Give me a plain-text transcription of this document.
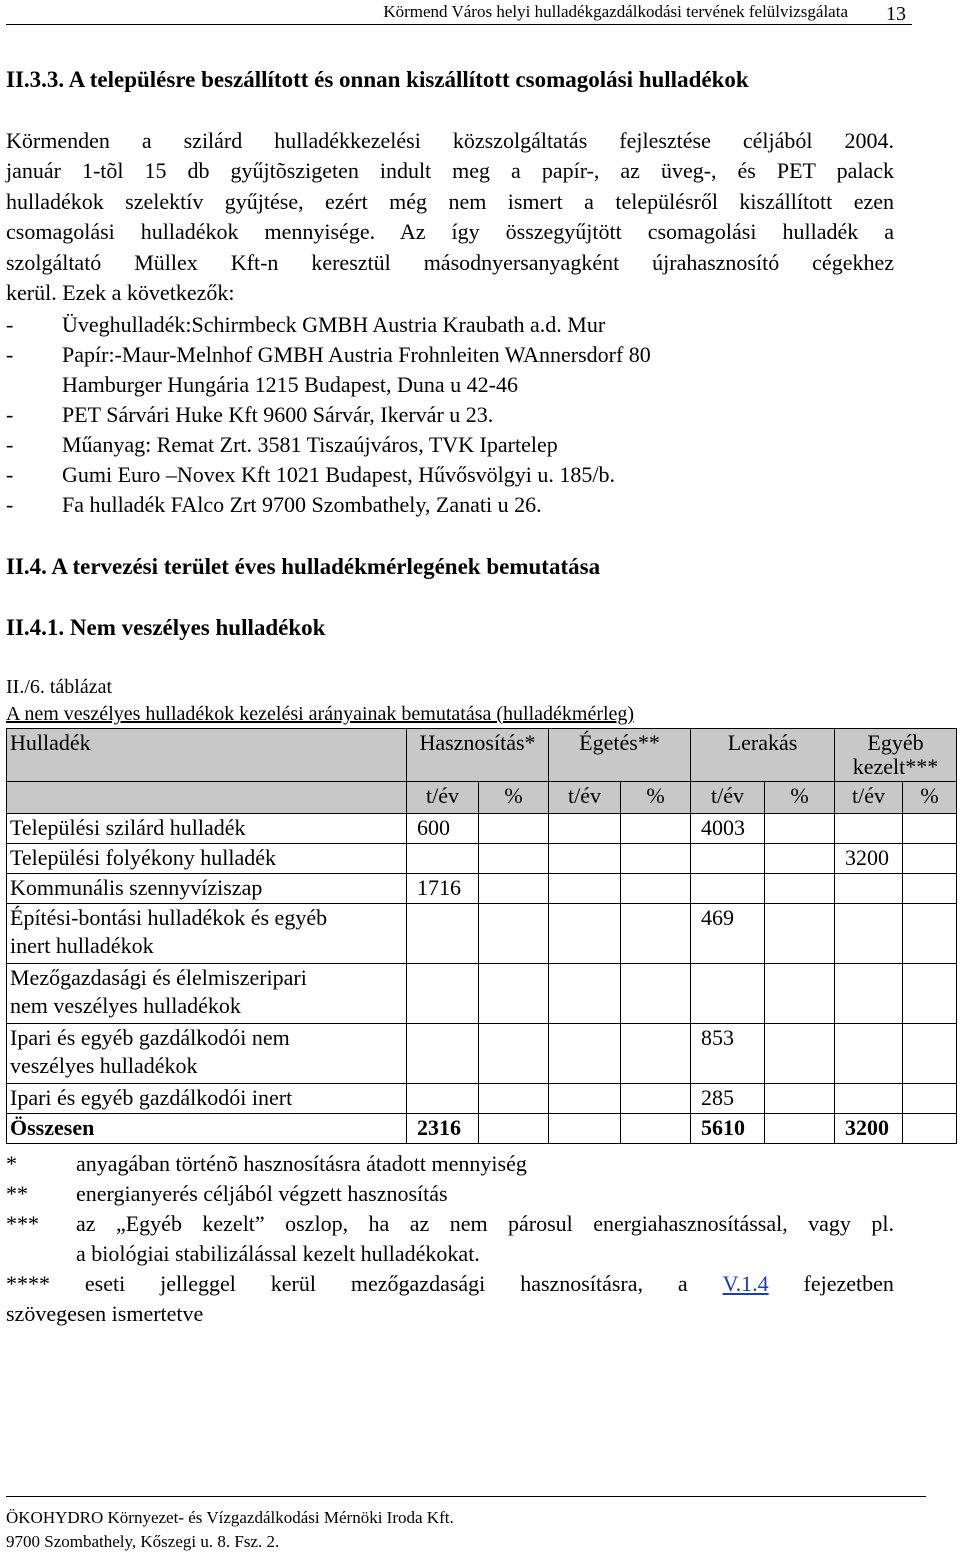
Körmend Város helyi hulladékgazdálkodási tervének felülvizsgálata 13
II.3.3. A településre beszállított és onnan kiszállított csomagolási hulladékok
Körmenden a szilárd hulladékkezelési közszolgáltatás fejlesztése céljából 2004.
január 1-tõl 15 db gyűjtõszigeten indult meg a papír-, az üveg-, és PET palack
hulladékok szelektív gyűjtése, ezért még nem ismert a településről kiszállított ezen
csomagolási hulladékok mennyisége. Az így összegyűjtött csomagolási hulladék a
szolgáltató Müllex Kft-n keresztül másodnyersanyagként újrahasznosító cégekhez
kerül. Ezek a következők:
- Üveghulladék:Schirmbeck GMBH Austria Kraubath a.d. Mur
- Papír:-Maur-Melnhof GMBH Austria Frohnleiten WAnnersdorf 80
Hamburger Hungária 1215 Budapest, Duna u 42-46
- PET Sárvári Huke Kft 9600 Sárvár, Ikervár u 23.
- Műanyag: Remat Zrt. 3581 Tiszaújváros, TVK Ipartelep
- Gumi Euro –Novex Kft 1021 Budapest, Hűvősvölgyi u. 185/b.
- Fa hulladék FAlco Zrt 9700 Szombathely, Zanati u 26.
II.4. A tervezési terület éves hulladékmérlegének bemutatása
II.4.1. Nem veszélyes hulladékok
II./6. táblázat
A nem veszélyes hulladékok kezelési arányainak bemutatása (hulladékmérleg)
Hulladék	Hasznosítás*		Égetés**		Lerakás		Egyéb
kezelt***	

	t/év	%	t/év	%	t/év	%	t/év	%
Települési szilárd hulladék	600				4003			
Települési folyékony hulladék							3200	
Kommunális szennyvíziszap	1716							

Építési-bontási hulladékok és egyéb
inert hulladékok					469			

Mezőgazdasági és élelmiszeripari
nem veszélyes hulladékok								

Ipari és egyéb gazdálkodói nem
veszélyes hulladékok					853			
Ipari és egyéb gazdálkodói inert					285			
Összesen	2316				5610		3200	
*	anyagában történõ hasznosításra átadott mennyiség
** energianyerés céljából végzett hasznosítás
*** az „Egyéb kezelt” oszlop, ha az nem párosul energiahasznosítással, vagy pl.
a biológiai stabilizálással kezelt hulladékokat.
**** eseti jelleggel kerül mezőgazdasági hasznosításra, a V.1.4 fejezetben
szövegesen ismertetve
ÖKOHYDRO Környezet- és Vízgazdálkodási Mérnöki Iroda Kft.
9700 Szombathely, Kőszegi u. 8. Fsz. 2.
